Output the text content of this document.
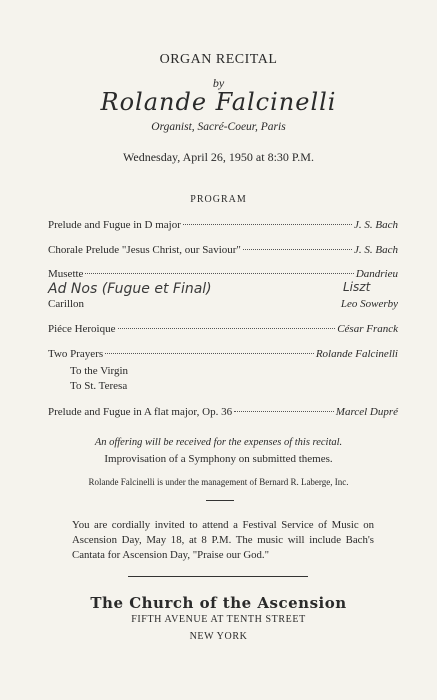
ORGAN RECITAL
by
Rolande Falcinelli
Organist, Sacré-Coeur, Paris
Wednesday, April 26, 1950 at 8:30 P.M.
PROGRAM
Prelude and Fugue in D major	J. S. Bach
Chorale Prelude "Jesus Christ, our Saviour"	J. S. Bach
Musette	Dandrieu
Ad Nos (Fugue et Final)	Liszt
Carillon	Leo Sowerby
Piéce Heroique	César Franck
Two Prayers	Rolande Falcinelli
To the Virgin
To St. Teresa
Prelude and Fugue in A flat major, Op. 36	Marcel Dupré
An offering will be received for the expenses of this recital.
Improvisation of a Symphony on submitted themes.
Rolande Falcinelli is under the management of Bernard R. Laberge, Inc.
You are cordially invited to attend a Festival Service of Music on Ascension Day, May 18, at 8 P.M. The music will include Bach's Cantata for Ascension Day, "Praise our God."
The Church of the Ascension
FIFTH AVENUE AT TENTH STREET
NEW YORK
